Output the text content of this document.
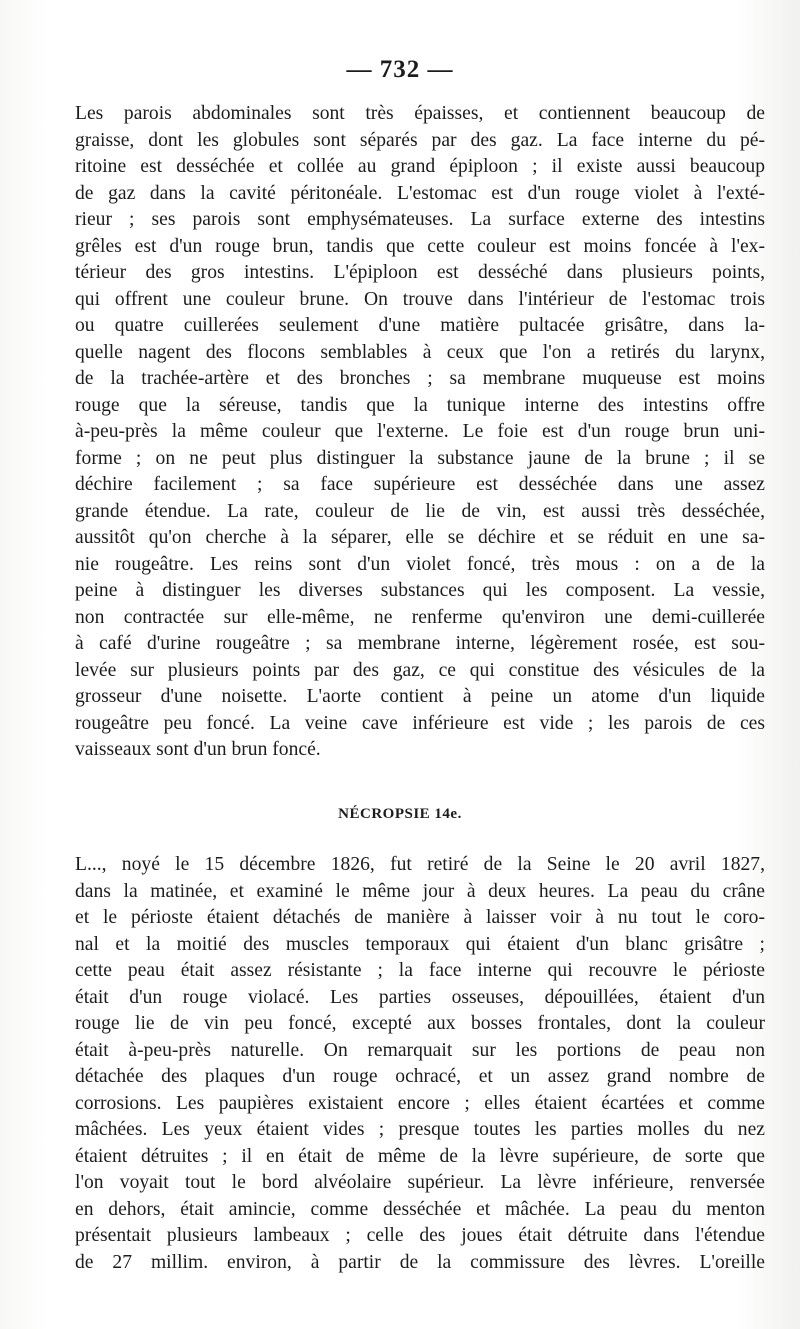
— 732 —
Les parois abdominales sont très épaisses, et contiennent beaucoup de
graisse, dont les globules sont séparés par des gaz. La face interne du pé-
ritoine est desséchée et collée au grand épiploon ; il existe aussi beaucoup
de gaz dans la cavité péritonéale. L'estomac est d'un rouge violet à l'exté-
rieur ; ses parois sont emphysémateuses. La surface externe des intestins
grêles est d'un rouge brun, tandis que cette couleur est moins foncée à l'ex-
térieur des gros intestins. L'épiploon est desséché dans plusieurs points,
qui offrent une couleur brune. On trouve dans l'intérieur de l'estomac trois
ou quatre cuillerées seulement d'une matière pultacée grisâtre, dans la-
quelle nagent des flocons semblables à ceux que l'on a retirés du larynx,
de la trachée-artère et des bronches ; sa membrane muqueuse est moins
rouge que la séreuse, tandis que la tunique interne des intestins offre
à-peu-près la même couleur que l'externe. Le foie est d'un rouge brun uni-
forme ; on ne peut plus distinguer la substance jaune de la brune ; il se
déchire facilement ; sa face supérieure est desséchée dans une assez
grande étendue. La rate, couleur de lie de vin, est aussi très desséchée,
aussitôt qu'on cherche à la séparer, elle se déchire et se réduit en une sa-
nie rougeâtre. Les reins sont d'un violet foncé, très mous : on a de la
peine à distinguer les diverses substances qui les composent. La vessie,
non contractée sur elle-même, ne renferme qu'environ une demi-cuillerée
à café d'urine rougeâtre ; sa membrane interne, légèrement rosée, est sou-
levée sur plusieurs points par des gaz, ce qui constitue des vésicules de la
grosseur d'une noisette. L'aorte contient à peine un atome d'un liquide
rougeâtre peu foncé. La veine cave inférieure est vide ; les parois de ces
vaisseaux sont d'un brun foncé.
NÉCROPSIE 14e.
L..., noyé le 15 décembre 1826, fut retiré de la Seine le 20 avril 1827,
dans la matinée, et examiné le même jour à deux heures. La peau du crâne
et le périoste étaient détachés de manière à laisser voir à nu tout le coro-
nal et la moitié des muscles temporaux qui étaient d'un blanc grisâtre ;
cette peau était assez résistante ; la face interne qui recouvre le périoste
était d'un rouge violacé. Les parties osseuses, dépouillées, étaient d'un
rouge lie de vin peu foncé, excepté aux bosses frontales, dont la couleur
était à-peu-près naturelle. On remarquait sur les portions de peau non
détachée des plaques d'un rouge ochracé, et un assez grand nombre de
corrosions. Les paupières existaient encore ; elles étaient écartées et comme
mâchées. Les yeux étaient vides ; presque toutes les parties molles du nez
étaient détruites ; il en était de même de la lèvre supérieure, de sorte que
l'on voyait tout le bord alvéolaire supérieur. La lèvre inférieure, renversée
en dehors, était amincie, comme desséchée et mâchée. La peau du menton
présentait plusieurs lambeaux ; celle des joues était détruite dans l'étendue
de 27 millim. environ, à partir de la commissure des lèvres. L'oreille
